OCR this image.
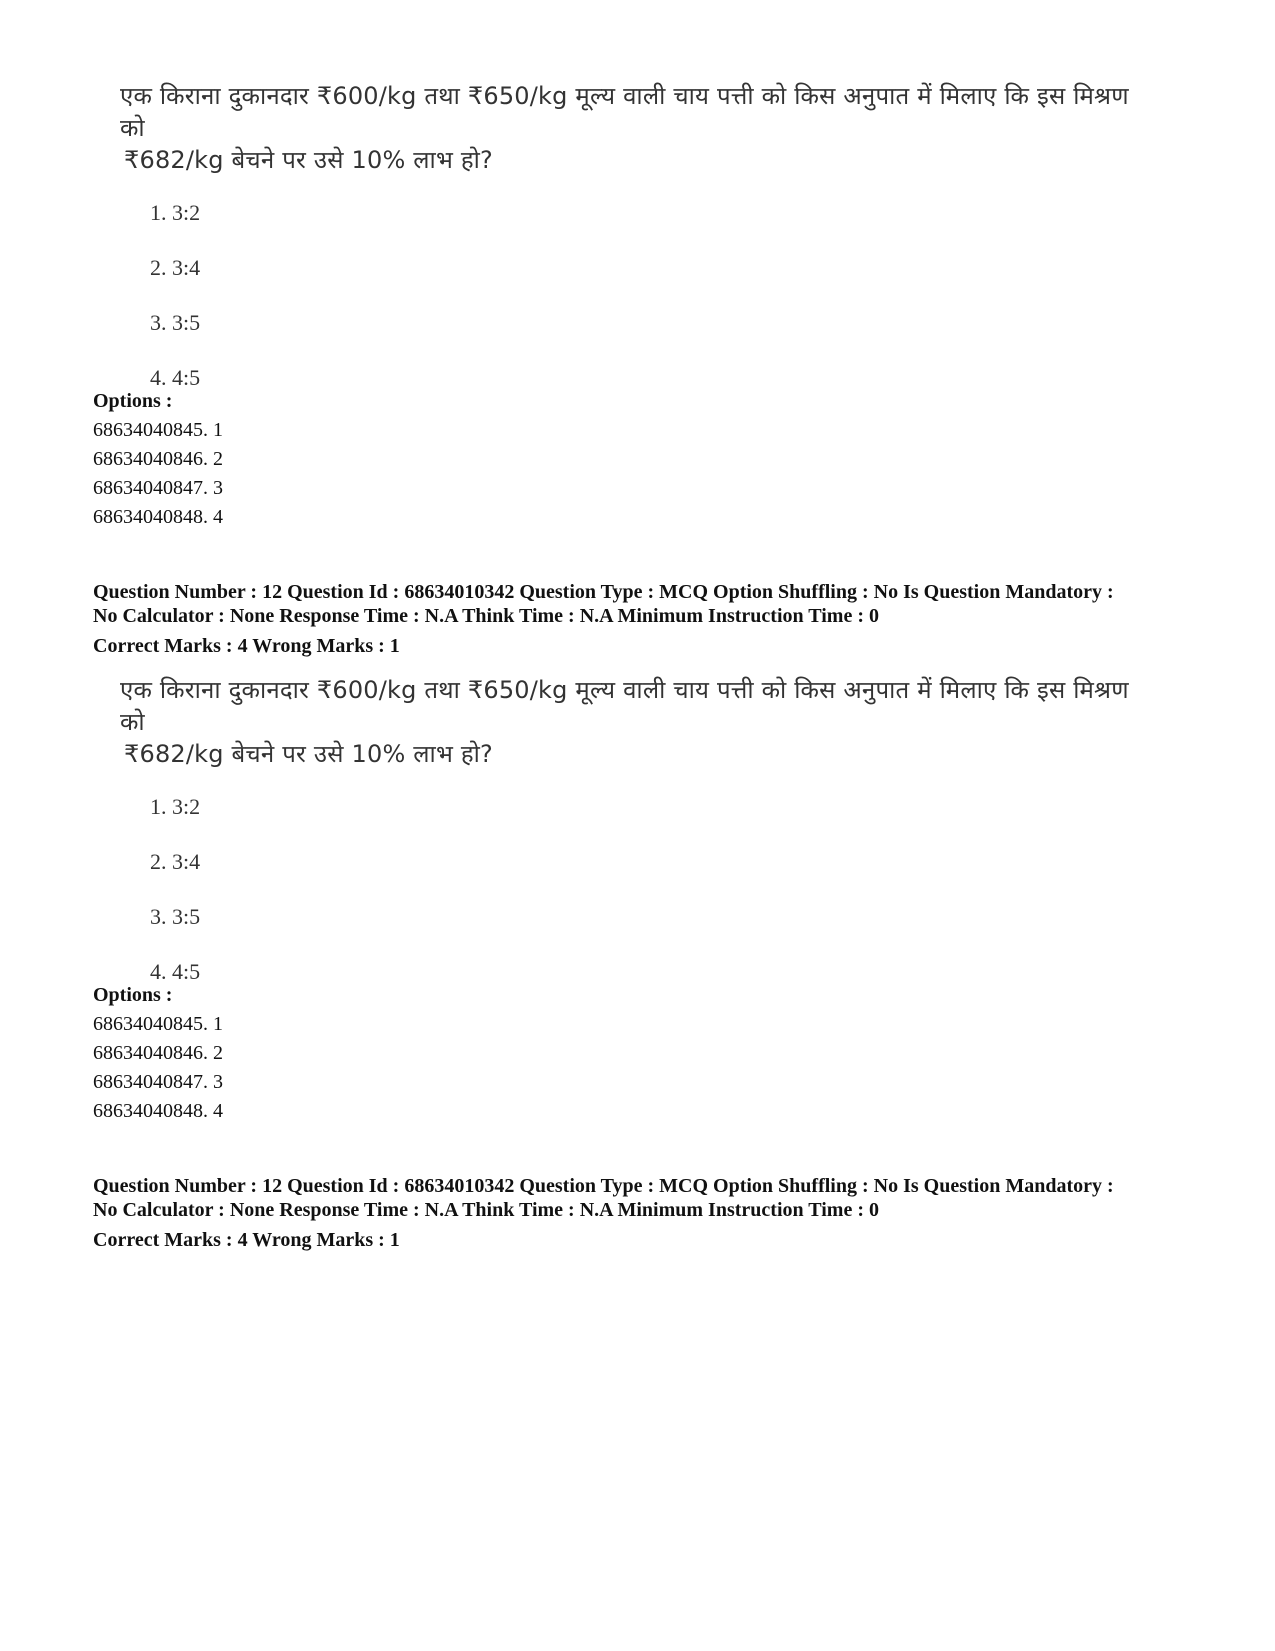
एक किराना दुकानदार ₹600/kg तथा ₹650/kg मूल्य वाली चाय पत्ती को किस अनुपात में मिलाए कि इस मिश्रण को
₹682/kg बेचने पर उसे 10% लाभ हो?

1. 3:2
2. 3:4
3. 3:5
4. 4:5
Options :
68634040845. 1
68634040846. 2
68634040847. 3
68634040848. 4
Question Number : 12 Question Id : 68634010342 Question Type : MCQ Option Shuffling : No Is Question Mandatory :
No Calculator : None Response Time : N.A Think Time : N.A Minimum Instruction Time : 0
Correct Marks : 4 Wrong Marks : 1

एक किराना दुकानदार ₹600/kg तथा ₹650/kg मूल्य वाली चाय पत्ती को किस अनुपात में मिलाए कि इस मिश्रण को
₹682/kg बेचने पर उसे 10% लाभ हो?

1. 3:2
2. 3:4
3. 3:5
4. 4:5
Options :
68634040845. 1
68634040846. 2
68634040847. 3
68634040848. 4
Question Number : 12 Question Id : 68634010342 Question Type : MCQ Option Shuffling : No Is Question Mandatory :
No Calculator : None Response Time : N.A Think Time : N.A Minimum Instruction Time : 0
Correct Marks : 4 Wrong Marks : 1
